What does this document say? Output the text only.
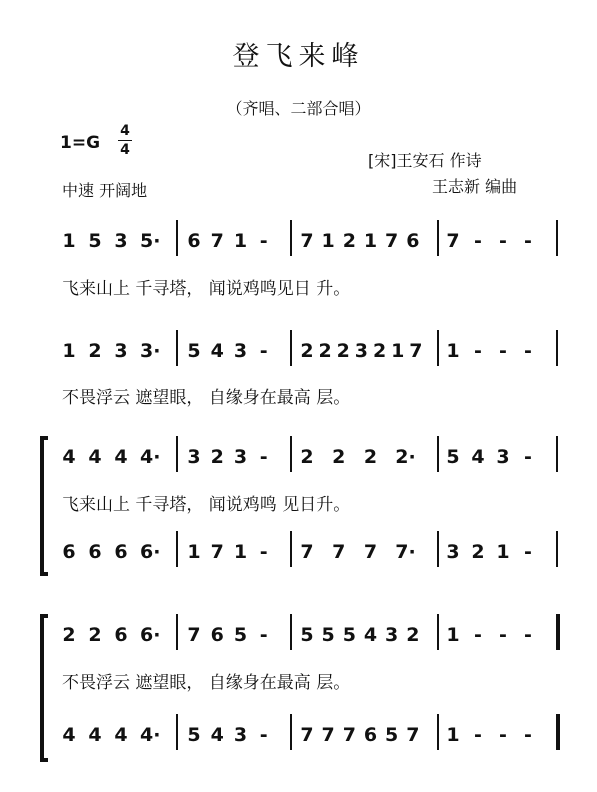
登飞来峰
（齐唱、二部合唱）
1=G
4
4
[宋]王安石 作诗
王志新 编曲
中速 开阔地
1 5 3 5· 6 7 1 - 7 1 2 1 7 6 7 - - -
1 2 3 3· 5 4 3 - 2 2 2 3 2 1 7 1 - - -
4 4 4 4· 3 2 3 - 2 2 2 2· 5 4 3 -
6 6 6 6· 1 7 1 - 7 7 7 7· 3 2 1 -
2 2 6 6· 7 6 5 - 5 5 5 4 3 2 1 - - -
4 4 4 4· 5 4 3 - 7 7 7 6 5 7 1 - - -
飞来山上 千寻塔， 闻说鸡鸣见日 升。
不畏浮云 遮望眼， 自缘身在最高 层。
飞来山上 千寻塔， 闻说鸡鸣 见日升。
不畏浮云 遮望眼， 自缘身在最高 层。
